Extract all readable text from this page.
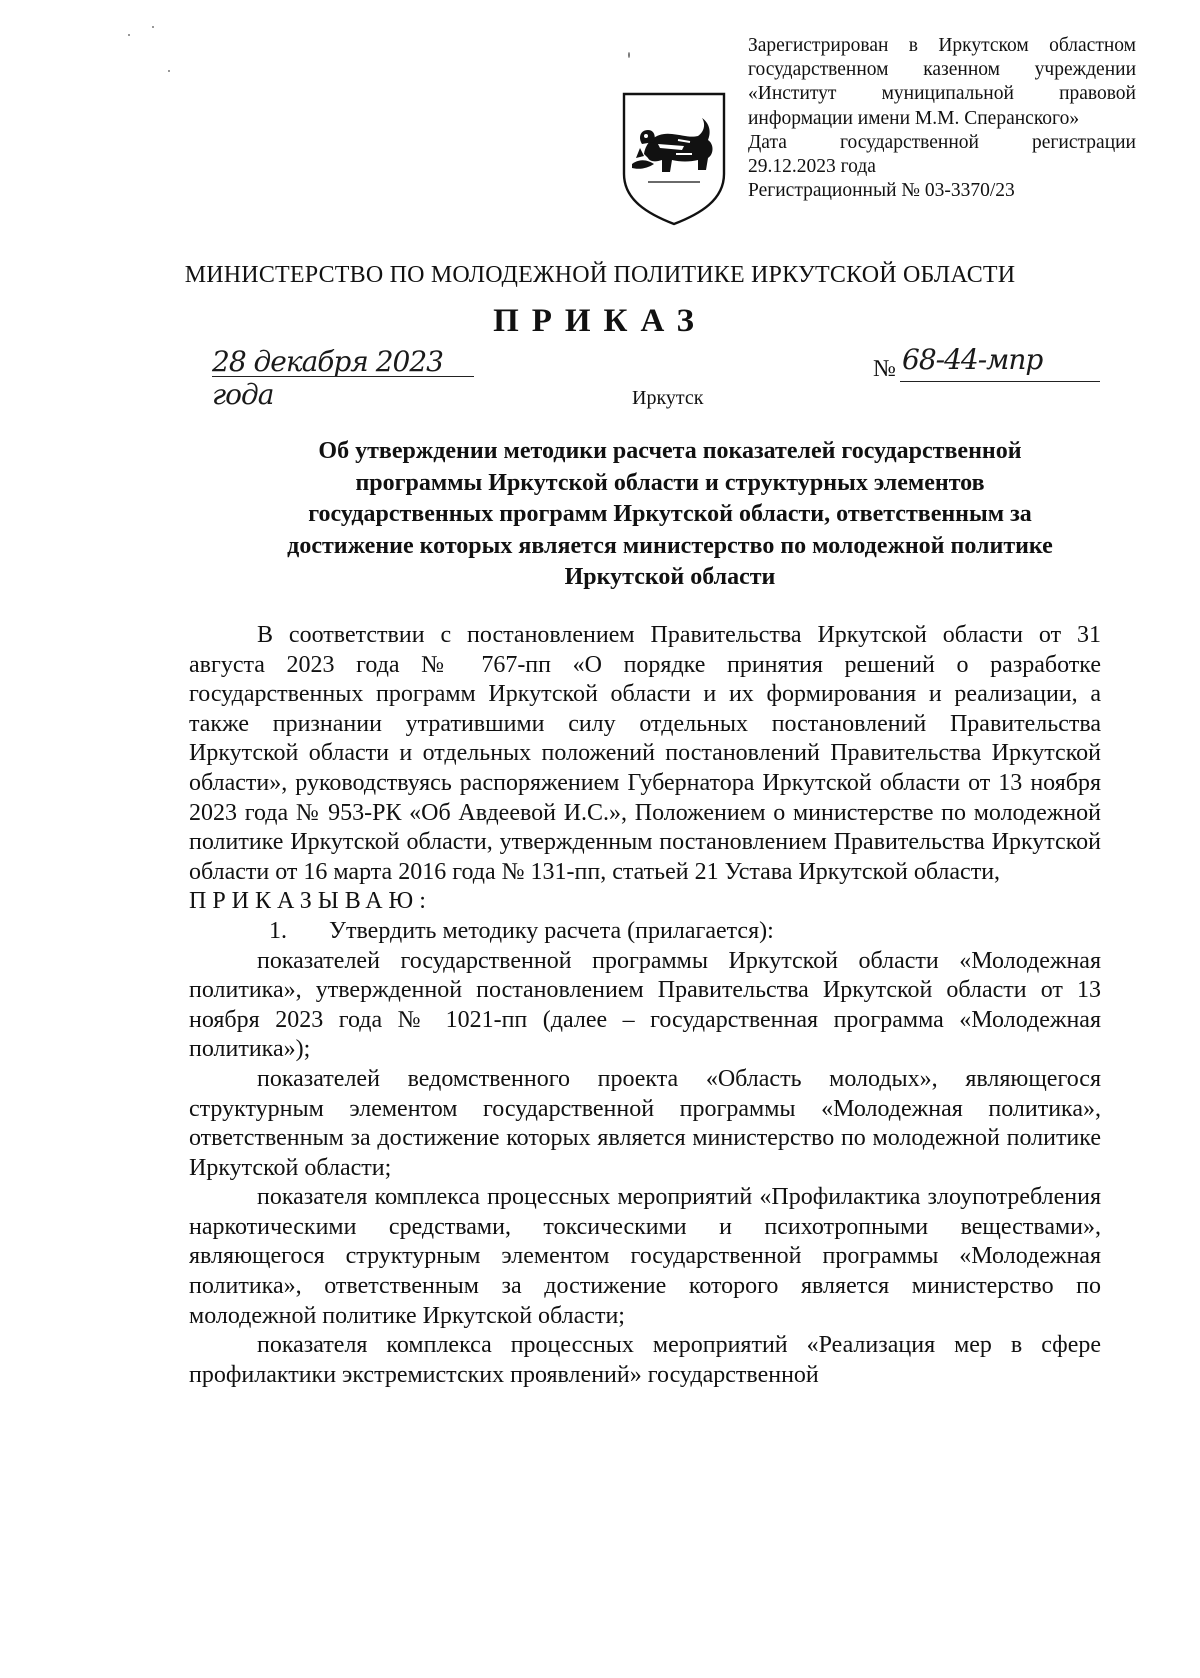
Зарегистрирован в Иркутском областном

государственном казенном учреждении

«Институт муниципальной правовой

информации имени М.М. Сперанского»

Дата государственной регистрации

29.12.2023 года

Регистрационный № 03-3370/23

МИНИСТЕРСТВО ПО МОЛОДЕЖНОЙ ПОЛИТИКЕ ИРКУТСКОЙ ОБЛАСТИ
ПРИКАЗ
28 декабря 2023 года
№ 68-44-мпр
Иркутск
Об утверждении методики расчета показателей государственной
программы Иркутской области и структурных элементов
государственных программ Иркутской области, ответственным за
достижение которых является министерство по молодежной политике
Иркутской области

В соответствии с постановлением Правительства Иркутской области от 31 августа 2023 года № 767-пп «О порядке принятия решений о разработке государственных программ Иркутской области и их формирования и реализации, а также признании утратившими силу отдельных постановлений Правительства Иркутской области и отдельных положений постановлений Правительства Иркутской области», руководствуясь распоряжением Губернатора Иркутской области от 13 ноября 2023 года № 953-РК «Об Авдеевой И.С.», Положением о министерстве по молодежной политике Иркутской области, утвержденным постановлением Правительства Иркутской области от 16 марта 2016 года № 131-пп, статьей 21 Устава Иркутской области,

ПРИКАЗЫВАЮ:

1. Утвердить методику расчета (прилагается):

показателей государственной программы Иркутской области «Молодежная политика», утвержденной постановлением Правительства Иркутской области от 13 ноября 2023 года № 1021-пп (далее – государственная программа «Молодежная политика»);

показателей ведомственного проекта «Область молодых», являющегося структурным элементом государственной программы «Молодежная политика», ответственным за достижение которых является министерство по молодежной политике Иркутской области;

показателя комплекса процессных мероприятий «Профилактика злоупотребления наркотическими средствами, токсическими и психотропными веществами», являющегося структурным элементом государственной программы «Молодежная политика», ответственным за достижение которого является министерство по молодежной политике Иркутской области;

показателя комплекса процессных мероприятий «Реализация мер в сфере профилактики экстремистских проявлений» государственной
